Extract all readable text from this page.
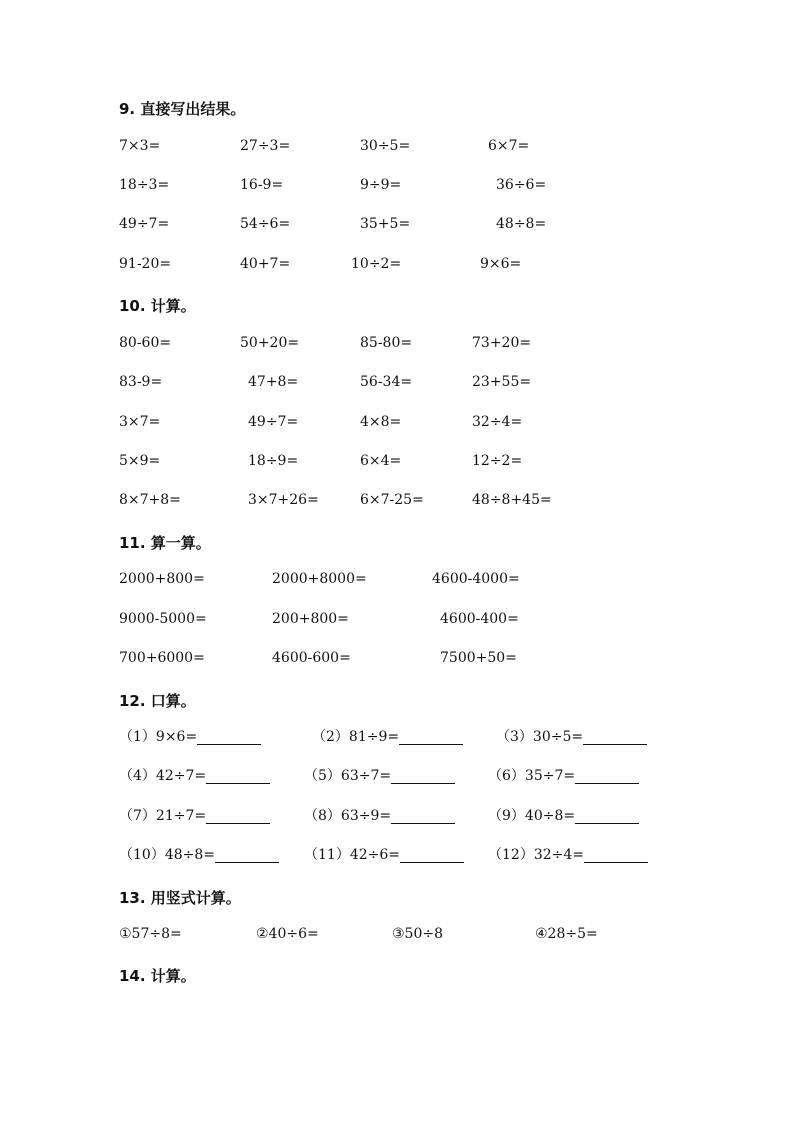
9. 直接写出结果。
7×3=	27÷3=	30÷5=	6×7=
18÷3=	16-9=	9÷9=	36÷6=
49÷7=	54÷6=	35+5=	48÷8=
91-20=	40+7=	10÷2=	9×6=
10. 计算。
80-60=	50+20=	85-80=	73+20=
83-9=	47+8=	56-34=	23+55=
3×7=	49÷7=	4×8=	32÷4=
5×9=	18÷9=	6×4=	12÷2=
8×7+8=	3×7+26=	6×7-25=	48÷8+45=
11. 算一算。
2000+800=	2000+8000=	4600-4000=
9000-5000=	200+800=	4600-400=
700+6000=	4600-600=	7500+50=
12. 口算。
（1）9×6=	（2）81÷9=	（3）30÷5=
（4）42÷7=	（5）63÷7=	（6）35÷7=
（7）21÷7=	（8）63÷9=	（9）40÷8=
（10）48÷8=	（11）42÷6=	（12）32÷4=
13. 用竖式计算。
①57÷8=	②40÷6=	③50÷8	④28÷5=
14. 计算。
